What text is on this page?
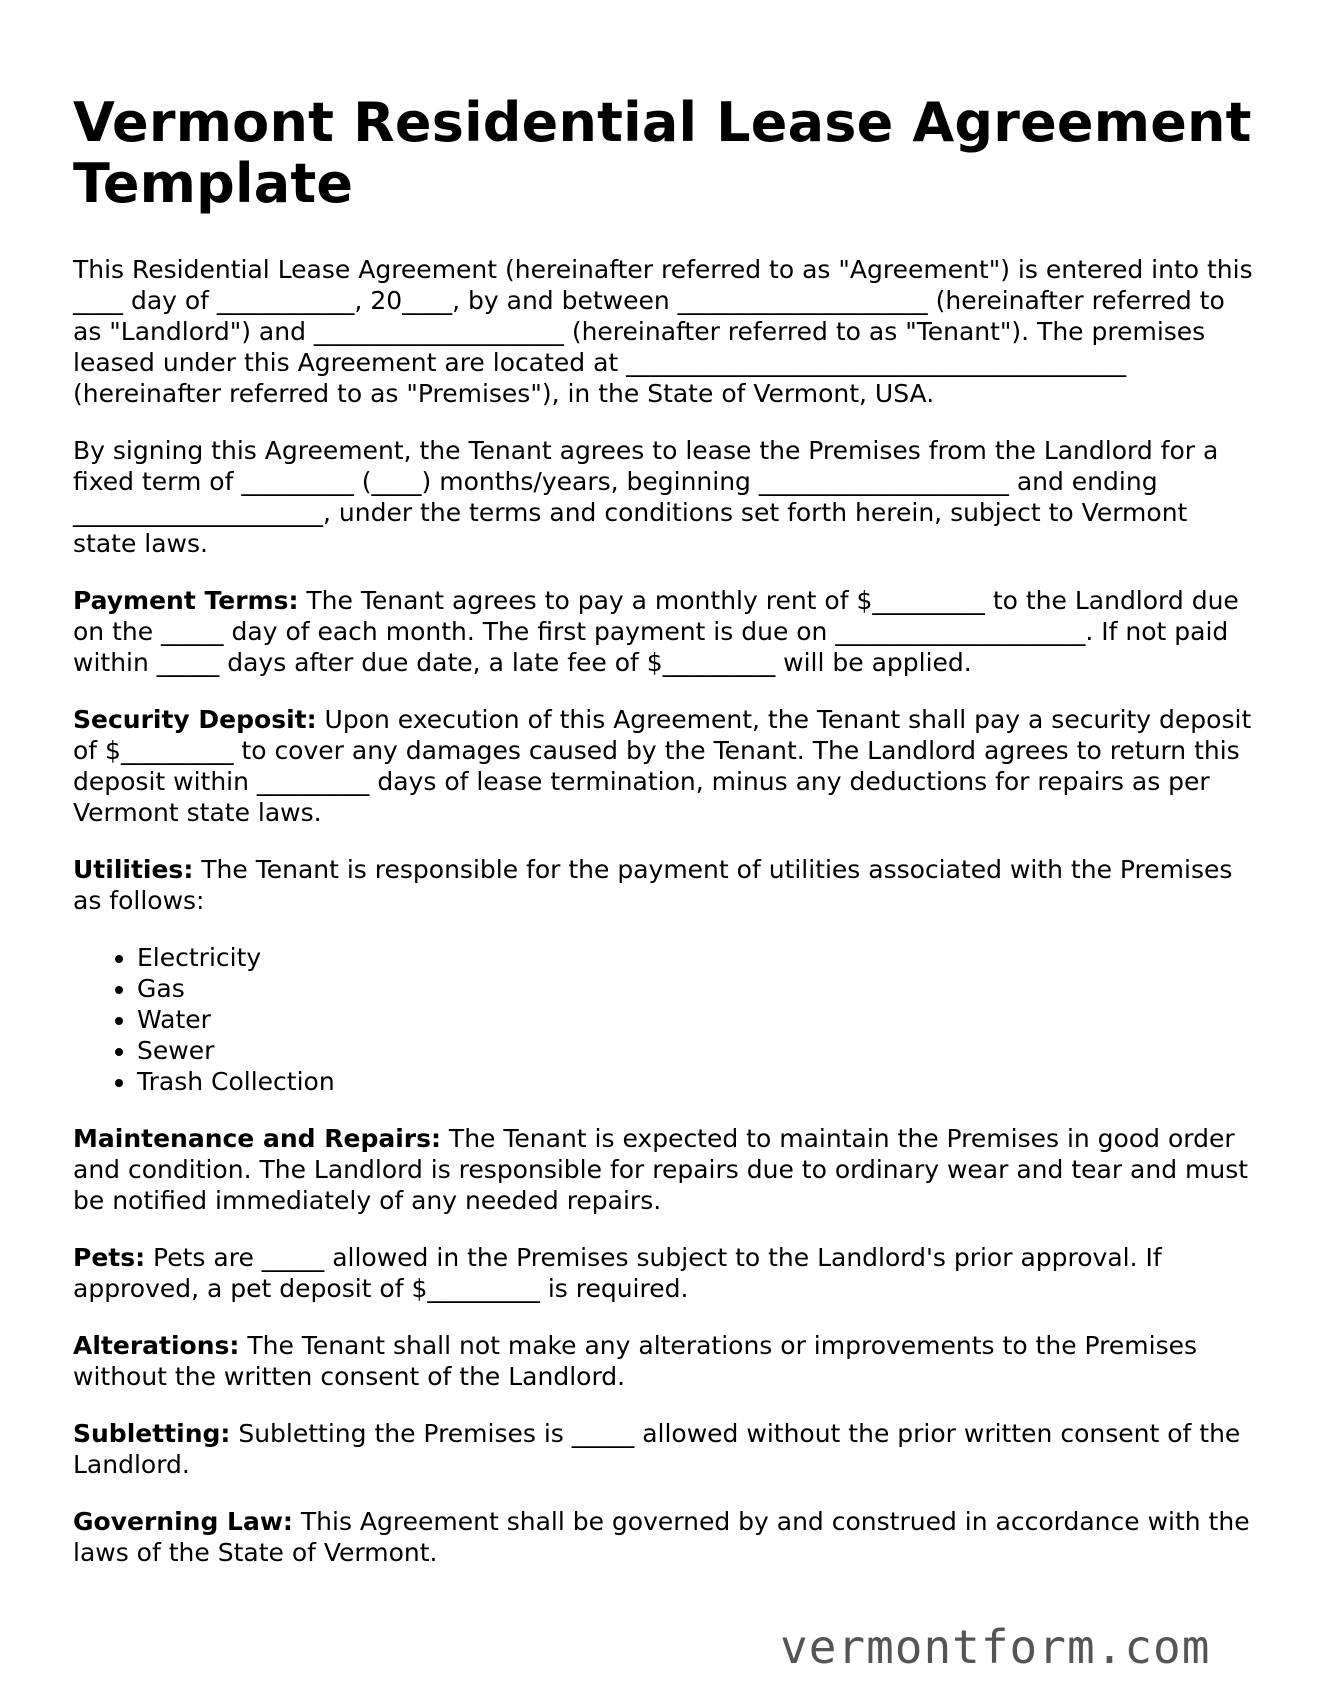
Vermont Residential Lease Agreement Template

This Residential Lease Agreement (hereinafter referred to as "Agreement") is entered into this ____ day of ___________, 20____, by and between ____________________ (hereinafter referred to as "Landlord") and ____________________ (hereinafter referred to as "Tenant"). The premises leased under this Agreement are located at ________________________________________ (hereinafter referred to as "Premises"), in the State of Vermont, USA.

By signing this Agreement, the Tenant agrees to lease the Premises from the Landlord for a fixed term of _________ (____) months/years, beginning ____________________ and ending ____________________, under the terms and conditions set forth herein, subject to Vermont state laws.

Payment Terms: The Tenant agrees to pay a monthly rent of $_________ to the Landlord due on the _____ day of each month. The first payment is due on ____________________. If not paid within _____ days after due date, a late fee of $_________ will be applied.

Security Deposit: Upon execution of this Agreement, the Tenant shall pay a security deposit of $_________ to cover any damages caused by the Tenant. The Landlord agrees to return this deposit within _________ days of lease termination, minus any deductions for repairs as per Vermont state laws.

Utilities: The Tenant is responsible for the payment of utilities associated with the Premises as follows:

• Electricity
• Gas
• Water
• Sewer
• Trash Collection

Maintenance and Repairs: The Tenant is expected to maintain the Premises in good order and condition. The Landlord is responsible for repairs due to ordinary wear and tear and must be notified immediately of any needed repairs.

Pets: Pets are _____ allowed in the Premises subject to the Landlord's prior approval. If approved, a pet deposit of $_________ is required.

Alterations: The Tenant shall not make any alterations or improvements to the Premises without the written consent of the Landlord.

Subletting: Subletting the Premises is _____ allowed without the prior written consent of the Landlord.

Governing Law: This Agreement shall be governed by and construed in accordance with the laws of the State of Vermont.

vermontform.com
